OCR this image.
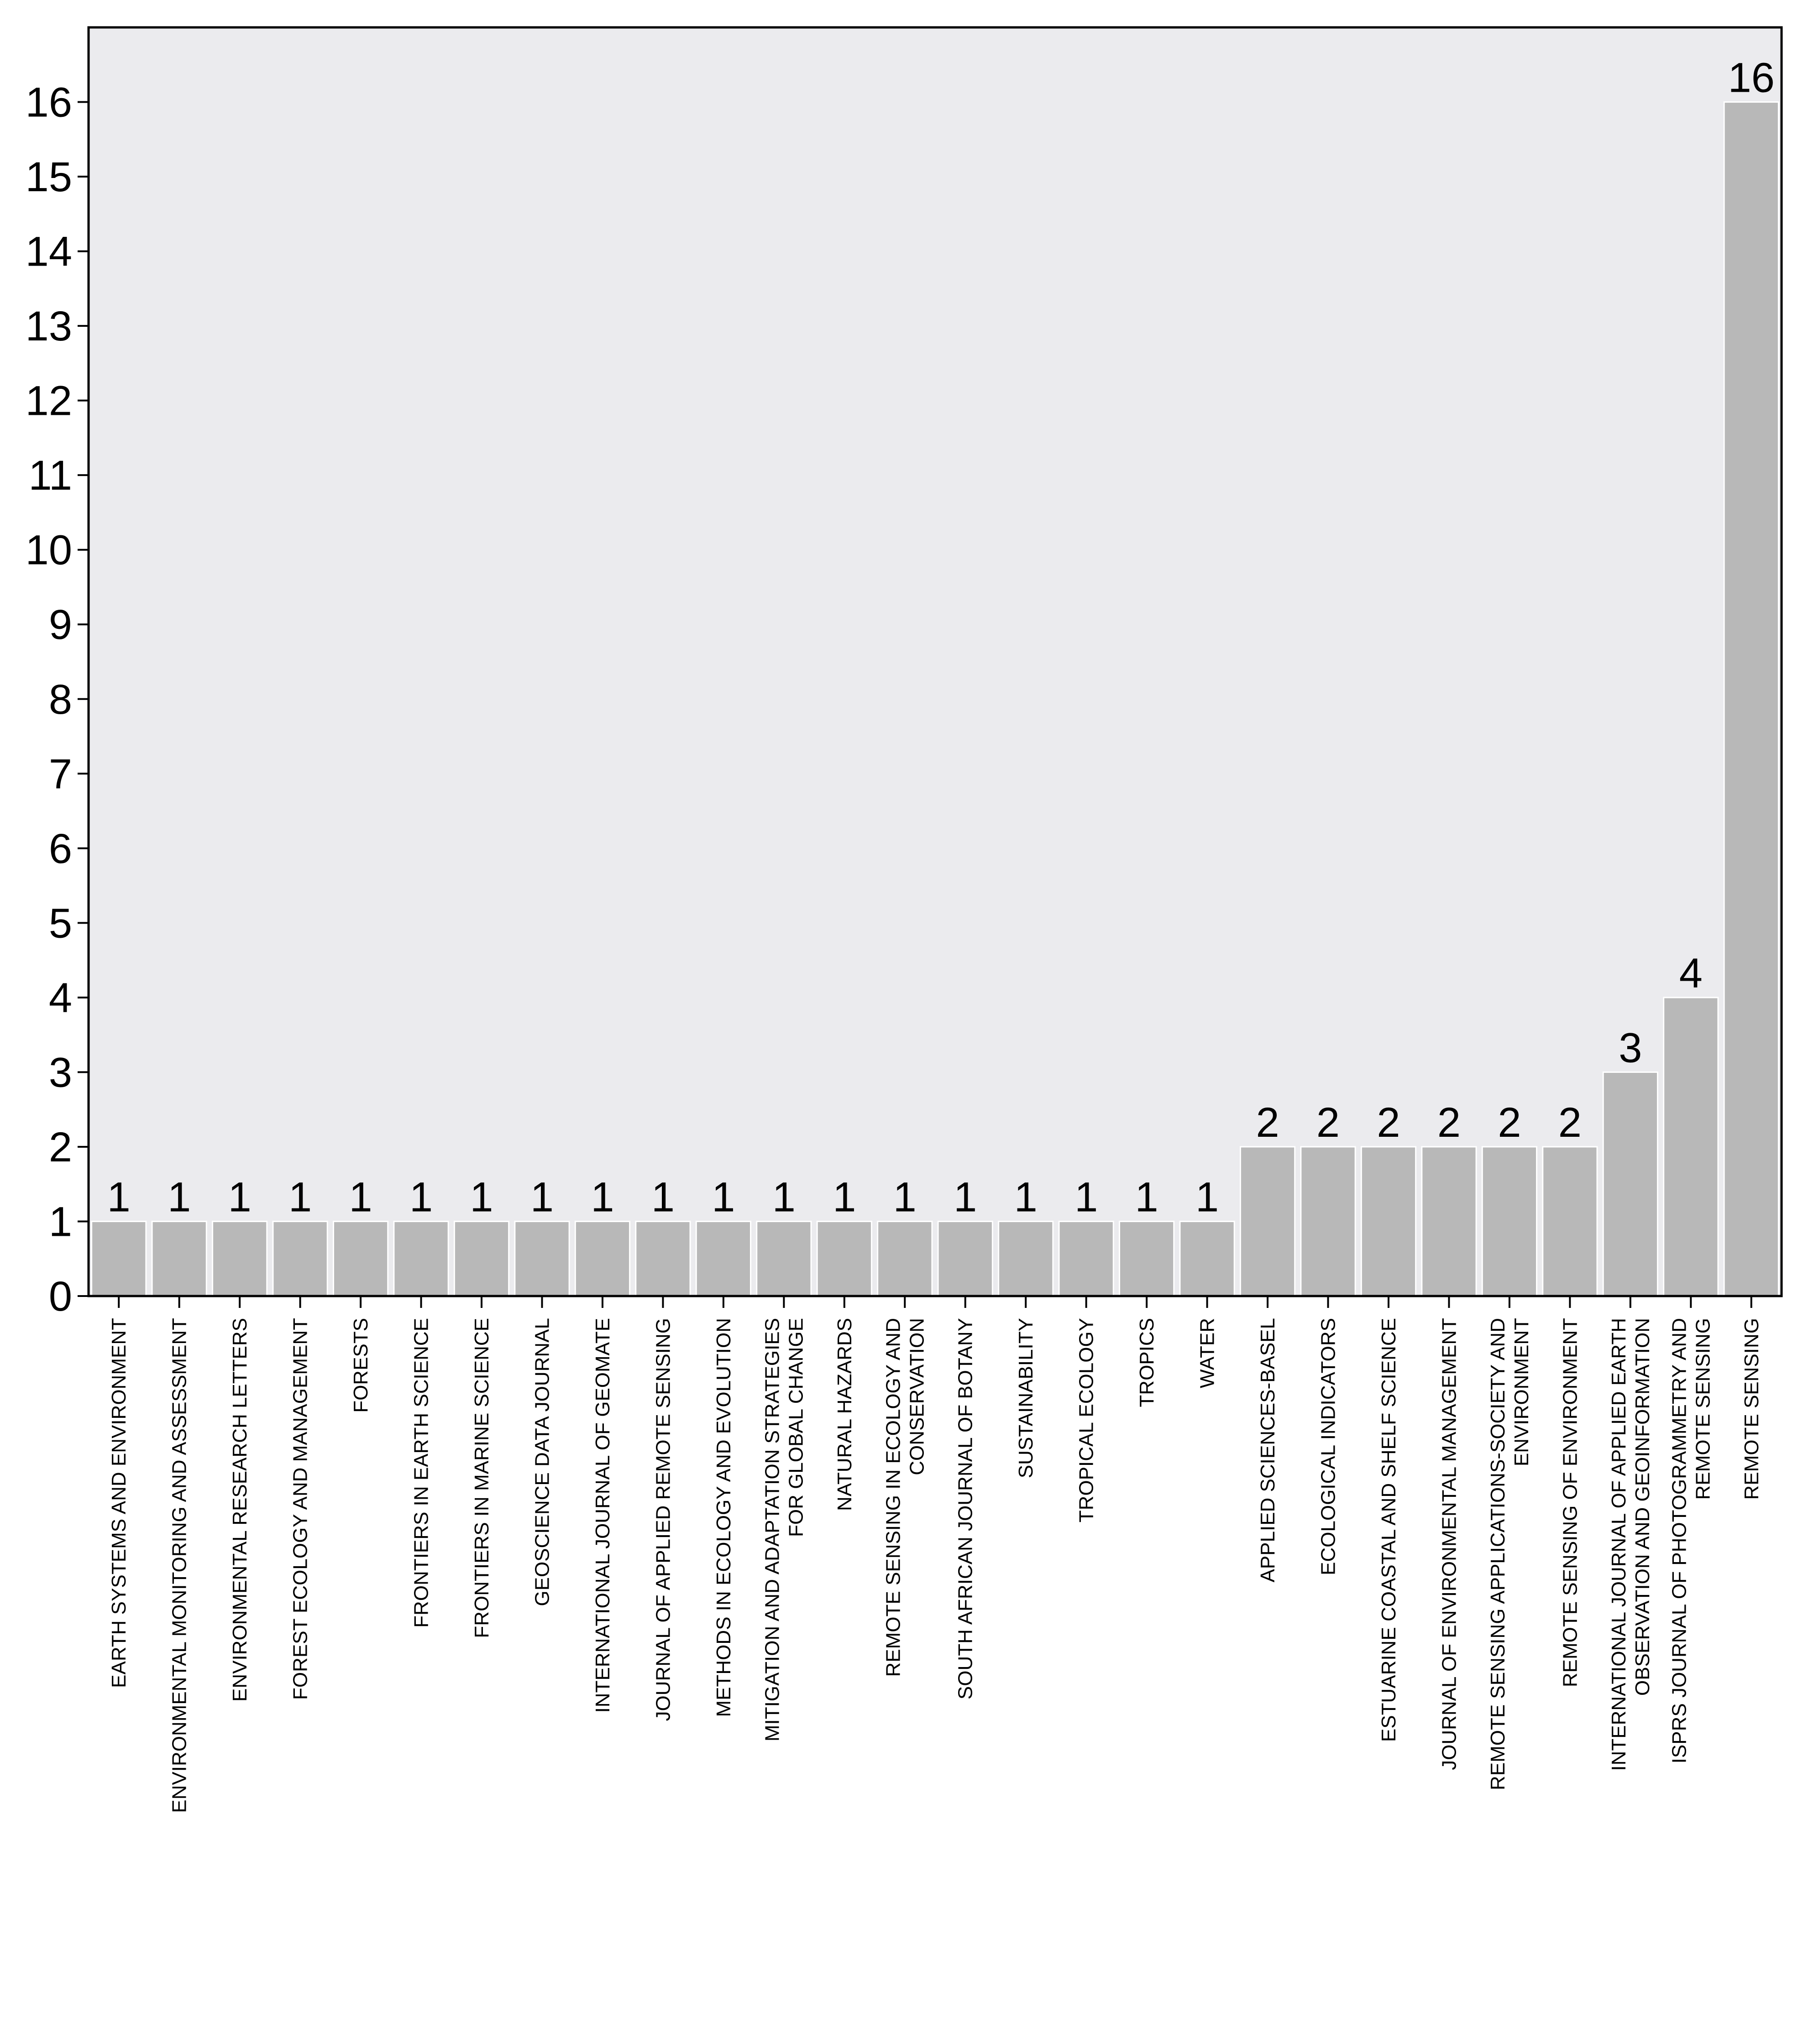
1 1 1 1 1 1 1 1 1 1 1 1 1 1 1 1 1 1 1
2 2 2 2 2 2
3
4
16
0
1
2
3
4
5
6
7
8
9
10
11
12
13
14
15
16
EARTH SYSTEMS AND ENVIRONMENT ENVIRONMENTAL MONITORING AND ASSESSMENT ENVIRONMENTAL RESEARCH LETTERS FOREST ECOLOGY AND MANAGEMENT FORESTS FRONTIERS IN EARTH SCIENCE FRONTIERS IN MARINE SCIENCE GEOSCIENCE DATA JOURNAL INTERNATIONAL JOURNAL OF GEOMATE JOURNAL OF APPLIED REMOTE SENSING METHODS IN ECOLOGY AND EVOLUTION MITIGATION AND ADAPTATION STRATEGIES FOR GLOBAL CHANGE NATURAL HAZARDS REMOTE SENSING IN ECOLOGY AND CONSERVATION SOUTH AFRICAN JOURNAL OF BOTANY SUSTAINABILITY TROPICAL ECOLOGY TROPICS WATER APPLIED SCIENCES-BASEL ECOLOGICAL INDICATORS ESTUARINE COASTAL AND SHELF SCIENCE JOURNAL OF ENVIRONMENTAL MANAGEMENT REMOTE SENSING APPLICATIONS-SOCIETY AND ENVIRONMENT REMOTE SENSING OF ENVIRONMENT INTERNATIONAL JOURNAL OF APPLIED EARTH OBSERVATION AND GEOINFORMATION ISPRS JOURNAL OF PHOTOGRAMMETRY AND REMOTE SENSING REMOTE SENSING
